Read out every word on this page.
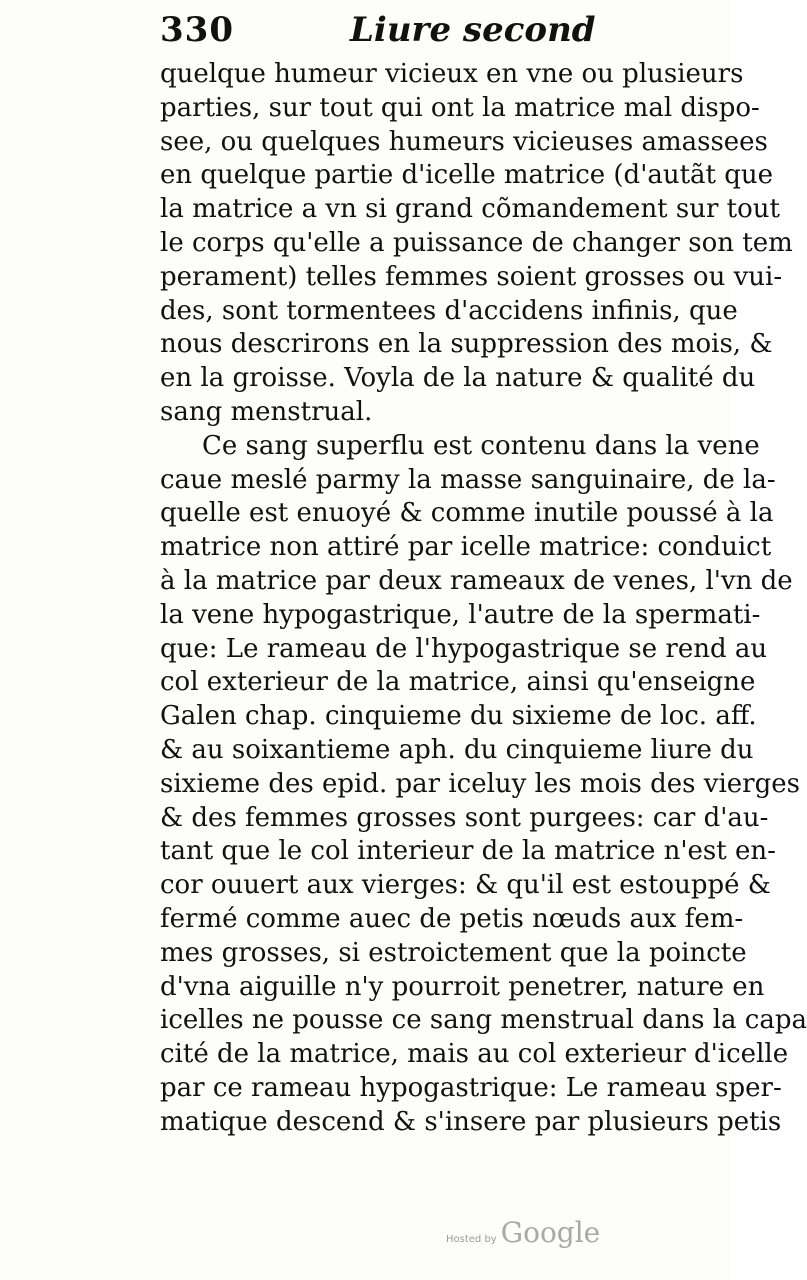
330	Liure second
quelque humeur vicieux en vne ou plusieurs
parties, sur tout qui ont la matrice mal dispo-
see, ou quelques humeurs vicieuses amassees
en quelque partie d'icelle matrice (d'autãt que
la matrice a vn si grand cõmandement sur tout
le corps qu'elle a puissance de changer son tem
perament) telles femmes soient grosses ou vui-
des, sont tormentees d'accidens infinis, que
nous descrirons en la suppression des mois, &
en la groisse. Voyla de la nature & qualité du
sang menstrual.
Ce sang superflu est contenu dans la vene
caue meslé parmy la masse sanguinaire, de la-
quelle est enuoyé & comme inutile poussé à la
matrice non attiré par icelle matrice: conduict
à la matrice par deux rameaux de venes, l'vn de
la vene hypogastrique, l'autre de la spermati-
que: Le rameau de l'hypogastrique se rend au
col exterieur de la matrice, ainsi qu'enseigne
Galen chap. cinquieme du sixieme de loc. aff.
& au soixantieme aph. du cinquieme liure du
sixieme des epid. par iceluy les mois des vierges
& des femmes grosses sont purgees: car d'au-
tant que le col interieur de la matrice n'est en-
cor ouuert aux vierges: & qu'il est estouppé &
fermé comme auec de petis nœuds aux fem-
mes grosses, si estroictement que la poincte
d'vna aiguille n'y pourroit penetrer, nature en
icelles ne pousse ce sang menstrual dans la capa
cité de la matrice, mais au col exterieur d'icelle
par ce rameau hypogastrique: Le rameau sper-
matique descend & s'insere par plusieurs petis
Hosted by Google
